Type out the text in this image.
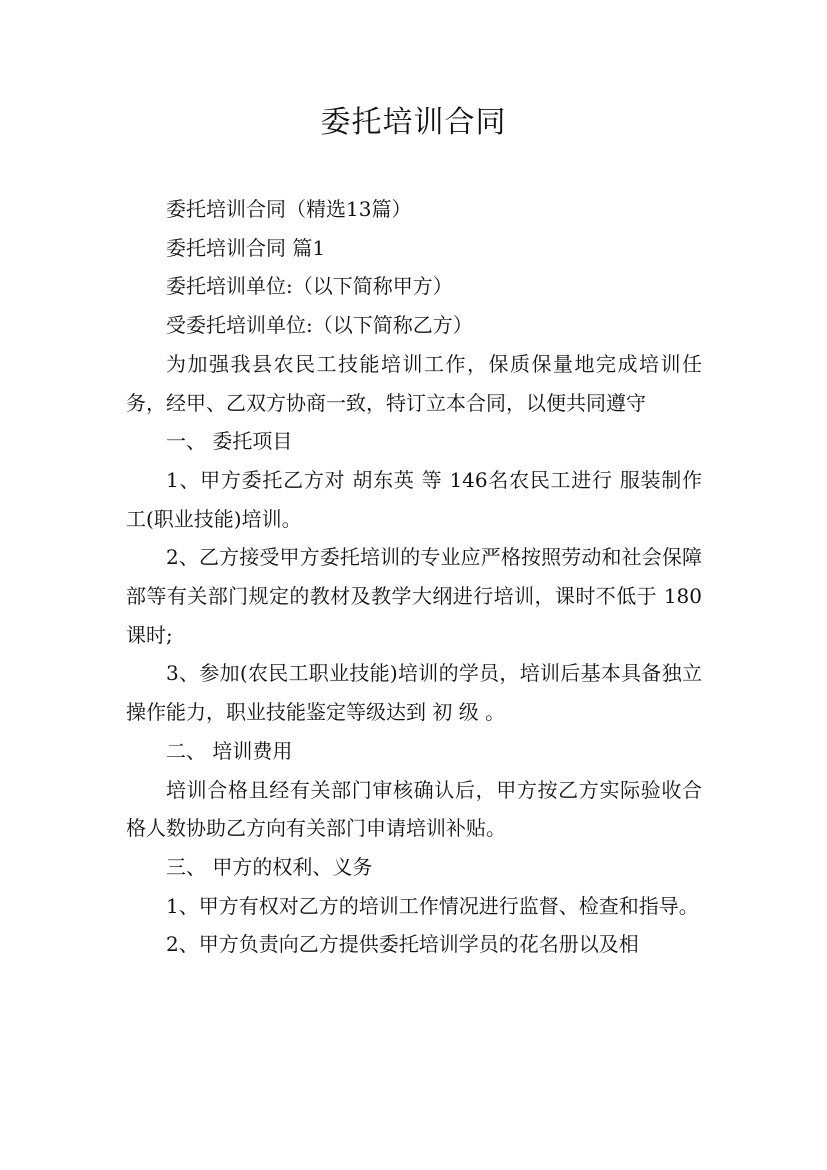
委托培训合同

委托培训合同（精选13篇）

委托培训合同 篇1

委托培训单位:（以下简称甲方）

受委托培训单位:（以下简称乙方）

为加强我县农民工技能培训工作，保质保量地完成培训任务，经甲、乙双方协商一致，特订立本合同，以便共同遵守

一、 委托项目

1、甲方委托乙方对 胡东英 等 146名农民工进行 服装制作工(职业技能)培训。

2、乙方接受甲方委托培训的专业应严格按照劳动和社会保障部等有关部门规定的教材及教学大纲进行培训，课时不低于 180 课时;

3、参加(农民工职业技能)培训的学员，培训后基本具备独立操作能力，职业技能鉴定等级达到 初 级 。

二、 培训费用

培训合格且经有关部门审核确认后，甲方按乙方实际验收合格人数协助乙方向有关部门申请培训补贴。

三、 甲方的权利、义务

1、甲方有权对乙方的培训工作情况进行监督、检查和指导。

2、甲方负责向乙方提供委托培训学员的花名册以及相
